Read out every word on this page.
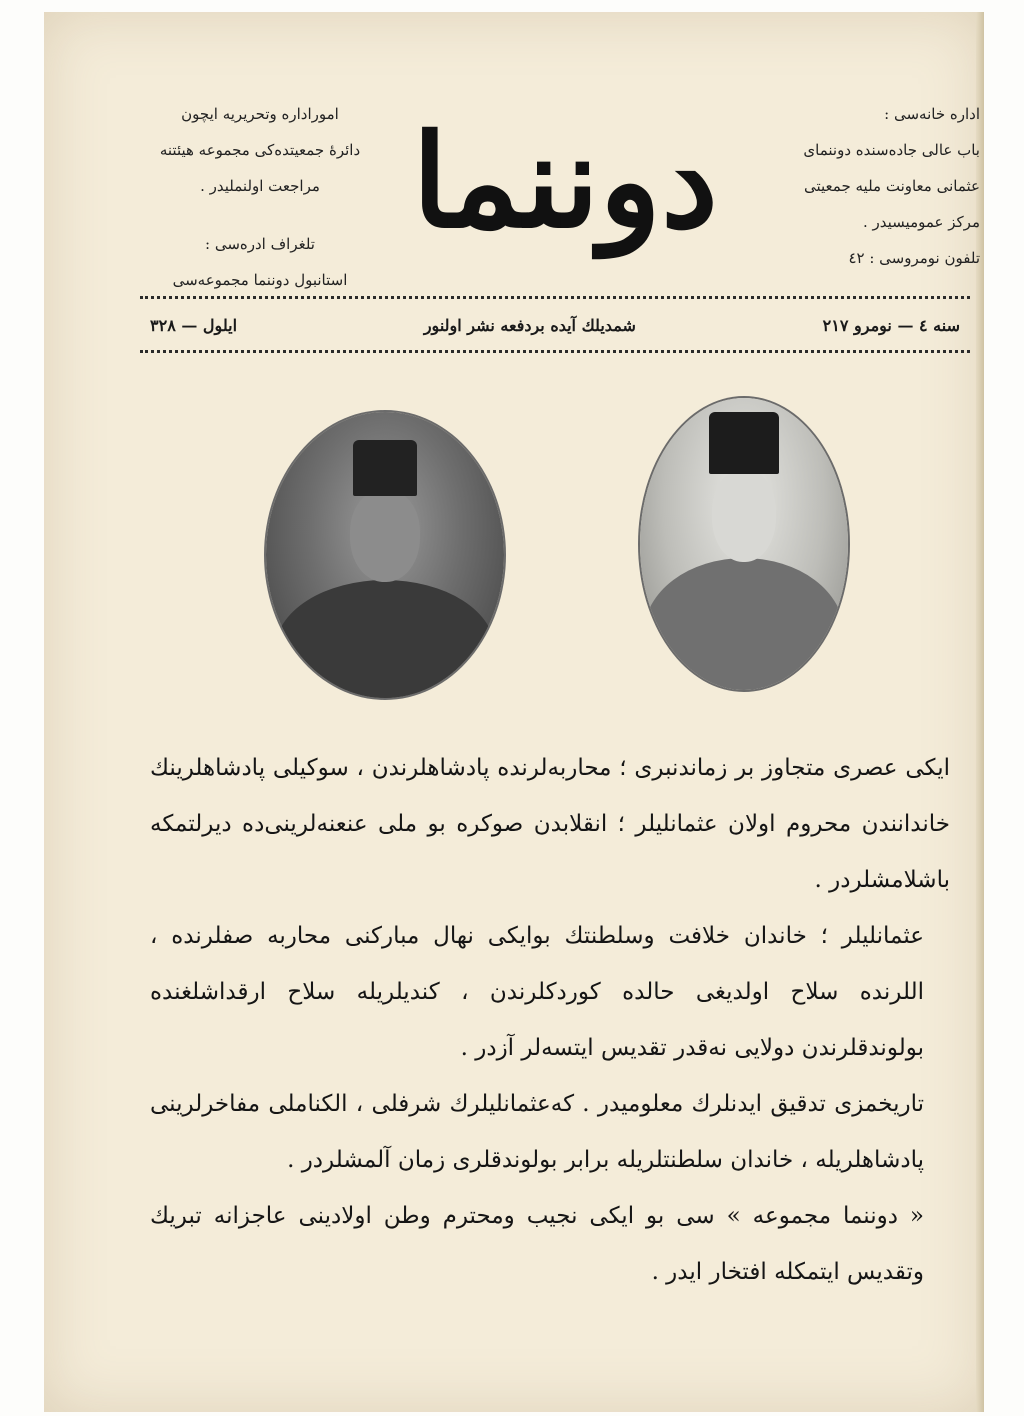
اموراداره وتحریریه ایچون
دائرهٔ جمعیتده‌کی مجموعه هیئتنه
مراجعت اولنملیدر .
تلغراف ادره‌سی :
استانبول دوننما مجموعه‌سی
دوننما	اداره خانه‌سی :
باب عالی جاده‌سنده دوننمای
عثمانی معاونت ملیه جمعیتی
مرکز عمومیسیدر .
تلفون نومروسی : ٤٢
سنه ٤ — نومرو ٢١٧
شمدیلك آیده بردفعه نشر اولنور
ایلول — ٣٢٨

ایکی عصری متجاوز بر زماندنبری ؛ محاربه‌لرنده پادشاهلرندن ، سوکیلی پادشاهلرینك خاندانندن محروم اولان عثمانلیلر ؛ انقلابدن صوکره بو ملی عنعنه‌لرینی‌ده دیرلتمکه باشلامشلردر .

عثمانلیلر ؛ خاندان خلافت وسلطنتك بوایکی نهال مبارکنی محاربه صفلرنده ، اللرنده سلاح اولدیغی حالده کوردکلرندن ، کندیلریله سلاح ارقداشلغنده بولوندقلرندن دولایی نه‌قدر تقدیس ایتسه‌لر آزدر .

تاریخمزی تدقیق ایدنلرك معلومیدر . که‌عثمانلیلرك شرفلی ، الكناملی مفاخرلرینی پادشاهلریله ، خاندان سلطنتلریله برابر بولوندقلری زمان آلمشلردر .

« دوننما مجموعه » سی بو ایکی نجیب ومحترم وطن اولادینی عاجزانه تبریك وتقدیس ایتمکله افتخار ایدر .
